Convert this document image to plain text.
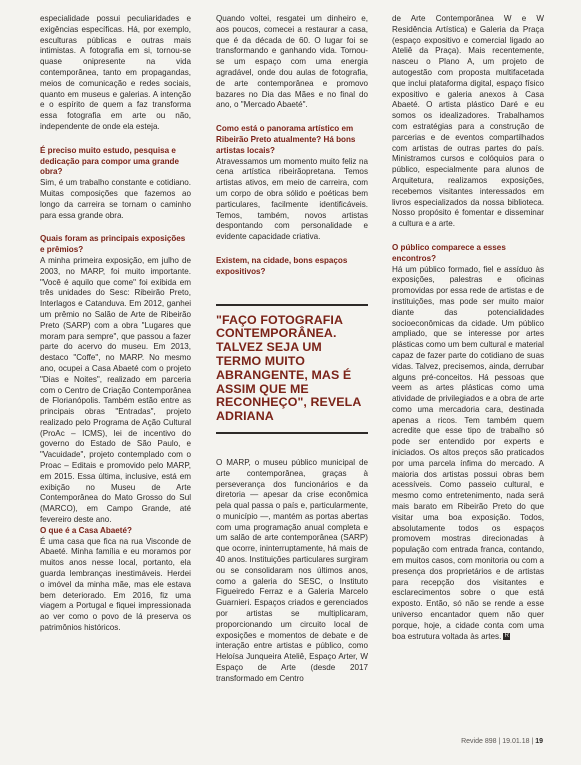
especialidade possui peculiaridades e exigências específicas. Há, por exemplo, esculturas públicas e outras mais intimistas. A fotografia em si, tornou-se quase onipresente na vida contemporânea, tanto em propagandas, meios de comunicação e redes sociais, quanto em museus e galerias. A intenção e o espírito de quem a faz transforma essa fotografia em arte ou não, independente de onde ela esteja.

É preciso muito estudo, pesquisa e dedicação para compor uma grande obra?

Sim, é um trabalho constante e cotidiano. Muitas composições que fazemos ao longo da carreira se tornam o caminho para essa grande obra.

Quais foram as principais exposições e prêmios?

A minha primeira exposição, em julho de 2003, no MARP, foi muito importante. "Você é aquilo que come" foi exibida em três unidades do Sesc: Ribeirão Preto, Interlagos e Catanduva. Em 2012, ganhei um prêmio no Salão de Arte de Ribeirão Preto (SARP) com a obra "Lugares que moram para sempre", que passou a fazer parte do acervo do museu. Em 2013, destaco "Coffe", no MARP. No mesmo ano, ocupei a Casa Abaeté com o projeto "Dias e Noites", realizado em parceria com o Centro de Criação Contemporânea de Florianópolis. Também estão entre as principais obras "Entradas", projeto realizado pelo Programa de Ação Cultural (ProAc – ICMS), lei de incentivo do governo do Estado de São Paulo, e "Vacuidade", projeto contemplado com o Proac – Editais e promovido pelo MARP, em 2015. Essa última, inclusive, está em exibição no Museu de Arte Contemporânea do Mato Grosso do Sul (MARCO), em Campo Grande, até fevereiro deste ano.

O que é a Casa Abaeté?

É uma casa que fica na rua Visconde de Abaeté. Minha família e eu moramos por muitos anos nesse local, portanto, ela guarda lembranças inestimáveis. Herdei o imóvel da minha mãe, mas ele estava bem deteriorado. Em 2016, fiz uma viagem a Portugal e fiquei impressionada ao ver como o povo de lá preserva os patrimônios históricos.

Quando voltei, resgatei um dinheiro e, aos poucos, comecei a restaurar a casa, que é da década de 60. O lugar foi se transformando e ganhando vida. Tornou-se um espaço com uma energia agradável, onde dou aulas de fotografia, de arte contemporânea e promovo bazares no Dia das Mães e no final do ano, o "Mercado Abaeté".

Como está o panorama artístico em Ribeirão Preto atualmente? Há bons artistas locais?

Atravessamos um momento muito feliz na cena artística ribeirãopretana. Temos artistas ativos, em meio de carreira, com um corpo de obra sólido e poéticas bem particulares, facilmente identificáveis. Temos, também, novos artistas despontando com personalidade e evidente capacidade criativa.

Existem, na cidade, bons espaços expositivos?

"FAÇO FOTOGRAFIA CONTEMPORÂNEA. TALVEZ SEJA UM TERMO MUITO ABRANGENTE, MAS É ASSIM QUE ME RECONHEÇO", REVELA ADRIANA

O MARP, o museu público municipal de arte contemporânea, graças à perseverança dos funcionários e da diretoria — apesar da crise econômica pela qual passa o país e, particularmente, o município —, mantém as portas abertas com uma programação anual completa e um salão de arte contemporânea (SARP) que ocorre, ininterruptamente, há mais de 40 anos. Instituições particulares surgiram ou se consolidaram nos últimos anos, como a galeria do SESC, o Instituto Figueiredo Ferraz e a Galeria Marcelo Guarnieri. Espaços criados e gerenciados por artistas se multiplicaram, proporcionando um circuito local de exposições e momentos de debate e de interação entre artistas e público, como Heloísa Junqueira Ateliê, Espaço Arter, W Espaço de Arte (desde 2017 transformado em Centro

de Arte Contemporânea W e W Residência Artística) e Galeria da Praça (espaço expositivo e comercial ligado ao Ateliê da Praça). Mais recentemente, nasceu o Plano A, um projeto de autogestão com proposta multifacetada que inclui plataforma digital, espaço físico expositivo e galeria anexos à Casa Abaeté. O artista plástico Daré e eu somos os idealizadores. Trabalhamos com estratégias para a construção de parcerias e de eventos compartilhados com artistas de outras partes do país. Ministramos cursos e colóquios para o público, especialmente para alunos de Arquitetura, realizamos exposições, recebemos visitantes interessados em livros especializados da nossa biblioteca. Nosso propósito é fomentar e disseminar a cultura e a arte.

O público comparece a esses encontros?

Há um público formado, fiel e assíduo às exposições, palestras e oficinas promovidas por essa rede de artistas e de instituições, mas pode ser muito maior diante das potencialidades socioeconômicas da cidade. Um público ampliado, que se interesse por artes plásticas como um bem cultural e material capaz de fazer parte do cotidiano de suas vidas. Talvez, precisemos, ainda, derrubar alguns pré-conceitos. Há pessoas que veem as artes plásticas como uma atividade de privilegiados e a obra de arte como uma mercadoria cara, destinada apenas a ricos. Tem também quem acredite que esse tipo de trabalho só pode ser entendido por experts e iniciados. Os altos preços são praticados por uma parcela ínfima do mercado. A maioria dos artistas possui obras bem acessíveis. Como passeio cultural, e mesmo como entretenimento, nada será mais barato em Ribeirão Preto do que visitar uma boa exposição. Todos, absolutamente todos os espaços promovem mostras direcionadas à população com entrada franca, contando, em muitos casos, com monitoria ou com a presença dos proprietários e de artistas para recepção dos visitantes e esclarecimentos sobre o que está exposto. Então, só não se rende a esse universo encantador quem não quer porque, hoje, a cidade conta com uma boa estrutura voltada às artes. R

Revide 898 | 19.01.18 | 19
